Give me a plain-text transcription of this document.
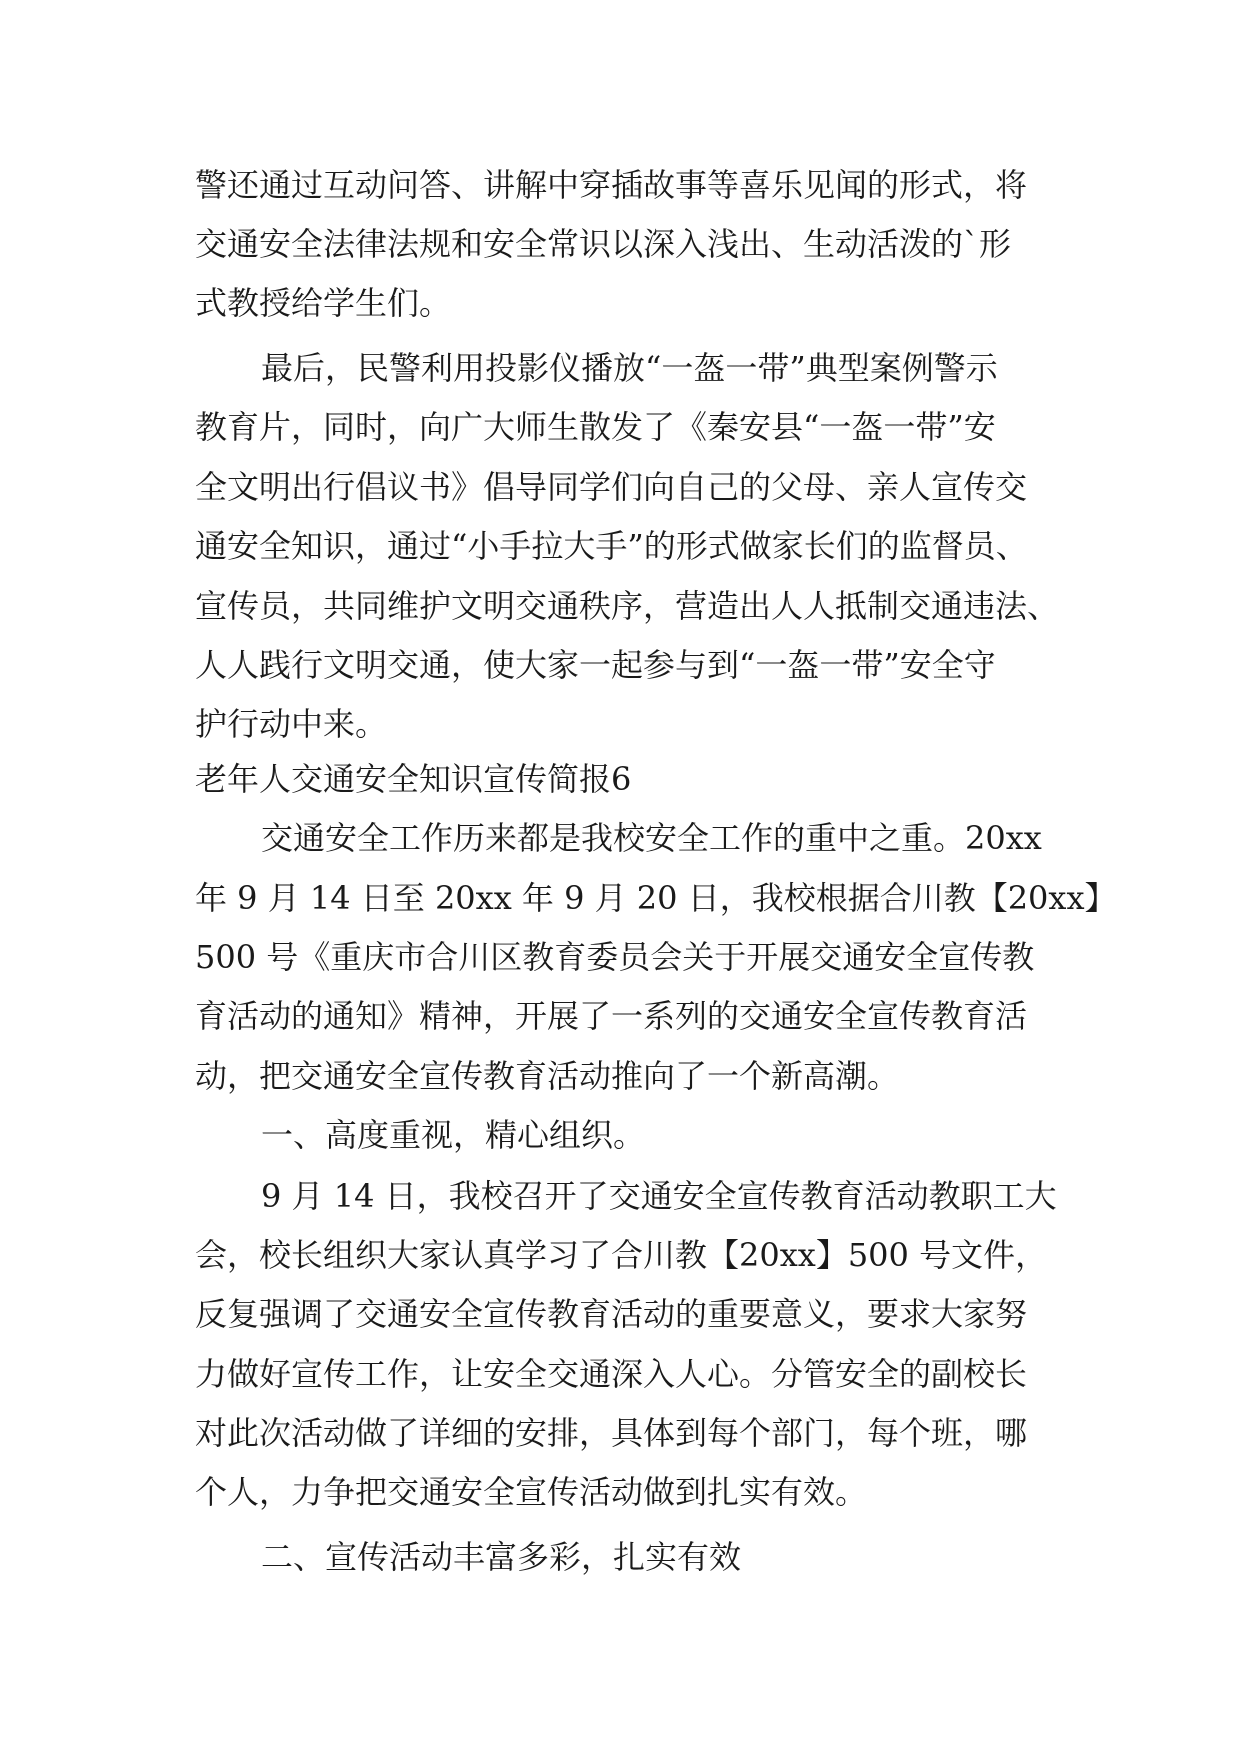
警还通过互动问答、讲解中穿插故事等喜乐见闻的形式，将
交通安全法律法规和安全常识以深入浅出、生动活泼的`形
式教授给学生们。
最后，民警利用投影仪播放“一盔一带”典型案例警示
教育片，同时，向广大师生散发了《秦安县“一盔一带”安
全文明出行倡议书》倡导同学们向自己的父母、亲人宣传交
通安全知识，通过“小手拉大手”的形式做家长们的监督员、
宣传员，共同维护文明交通秩序，营造出人人抵制交通违法、
人人践行文明交通，使大家一起参与到“一盔一带”安全守
护行动中来。
老年人交通安全知识宣传简报6
交通安全工作历来都是我校安全工作的重中之重。20xx
年 9 月 14 日至 20xx 年 9 月 20 日，我校根据合川教【20xx】
500 号《重庆市合川区教育委员会关于开展交通安全宣传教
育活动的通知》精神，开展了一系列的交通安全宣传教育活
动，把交通安全宣传教育活动推向了一个新高潮。
一、高度重视，精心组织。
9 月 14 日，我校召开了交通安全宣传教育活动教职工大
会，校长组织大家认真学习了合川教【20xx】500 号文件，
反复强调了交通安全宣传教育活动的重要意义，要求大家努
力做好宣传工作，让安全交通深入人心。分管安全的副校长
对此次活动做了详细的安排，具体到每个部门，每个班，哪
个人，力争把交通安全宣传活动做到扎实有效。
二、宣传活动丰富多彩，扎实有效
